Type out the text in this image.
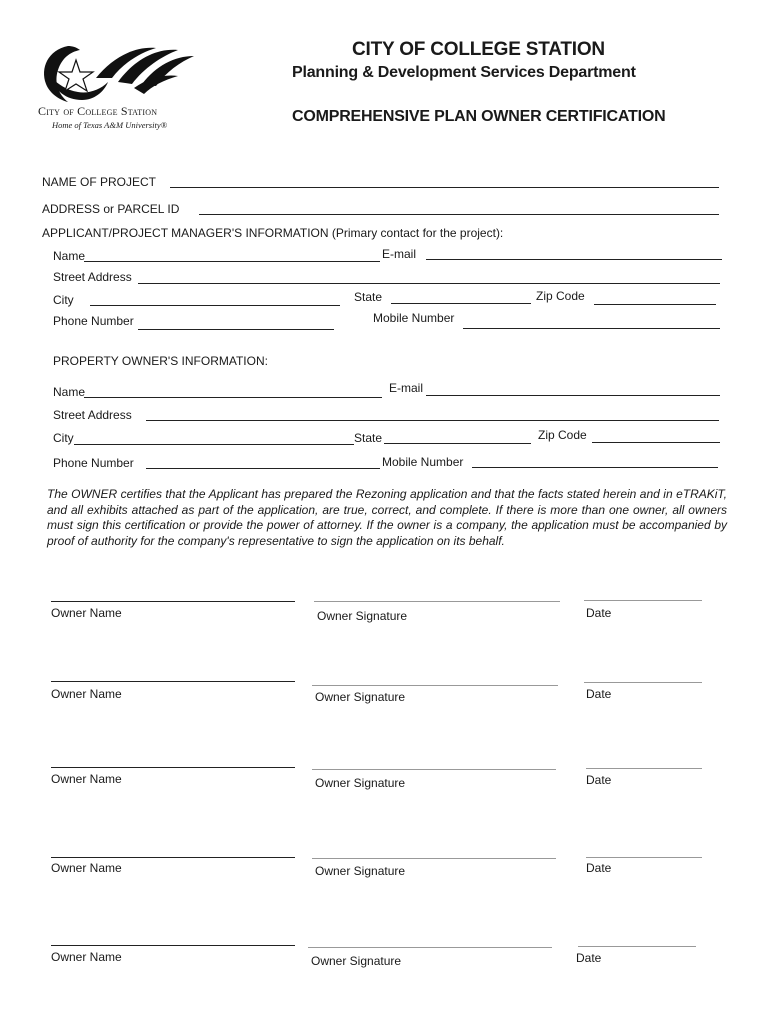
City of College Station
Home of Texas A&M University®
CITY OF COLLEGE STATION
Planning & Development Services Department
COMPREHENSIVE PLAN OWNER CERTIFICATION
NAME OF PROJECT
ADDRESS or PARCEL ID
APPLICANT/PROJECT MANAGER'S INFORMATION (Primary contact for the project):
Name	E-mail
Street Address
City	State	Zip Code
Phone Number	Mobile Number
PROPERTY OWNER'S INFORMATION:
Name	E-mail
Street Address
City	State	Zip Code
Phone Number	Mobile Number
The OWNER certifies that the Applicant has prepared the Rezoning application and that the facts stated herein and in eTRAKiT, and all exhibits attached as part of the application, are true, correct, and complete. If there is more than one owner, all owners must sign this certification or provide the power of attorney. If the owner is a company, the application must be accompanied by proof of authority for the company's representative to sign the application on its behalf.
Owner Name	Owner Signature	Date
Owner Name	Owner Signature	Date
Owner Name	Owner Signature	Date
Owner Name	Owner Signature	Date
Owner Name	Owner Signature	Date
